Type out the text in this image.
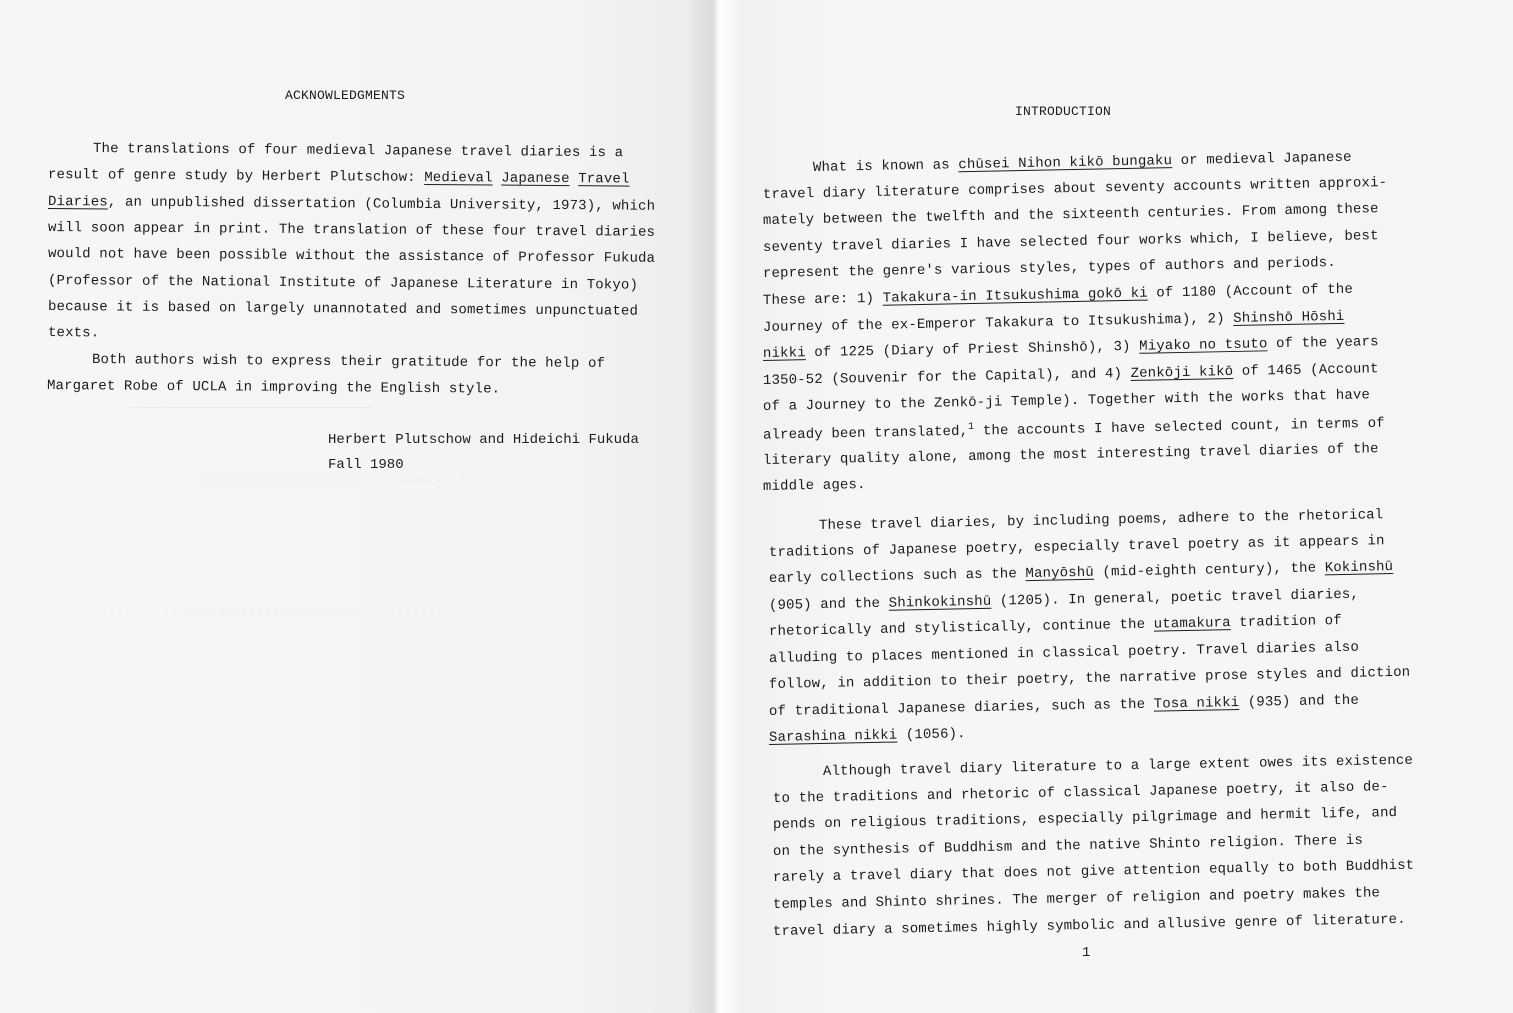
———————————————————————————————
...............................................
...............................................
ACKNOWLEDGMENTS
The translations of four medieval Japanese travel diaries is a
result of genre study by Herbert Plutschow: Medieval Japanese Travel
Diaries, an unpublished dissertation (Columbia University, 1973), which
will soon appear in print. The translation of these four travel diaries
would not have been possible without the assistance of Professor Fukuda
(Professor of the National Institute of Japanese Literature in Tokyo)
because it is based on largely unannotated and sometimes unpunctuated
texts.
Both authors wish to express their gratitude for the help of
Margaret Robe of UCLA in improving the English style.
Herbert Plutschow and Hideichi Fukuda
Fall 1980
INTRODUCTION
What is known as chūsei Nihon kikō bungaku or medieval Japanese
travel diary literature comprises about seventy accounts written approxi-
mately between the twelfth and the sixteenth centuries. From among these
seventy travel diaries I have selected four works which, I believe, best
represent the genre's various styles, types of authors and periods.
These are: 1) Takakura-in Itsukushima gokō ki of 1180 (Account of the
Journey of the ex-Emperor Takakura to Itsukushima), 2) Shinshō Hōshi
nikki of 1225 (Diary of Priest Shinshō), 3) Miyako no tsuto of the years
1350-52 (Souvenir for the Capital), and 4) Zenkōji kikō of 1465 (Account
of a Journey to the Zenkō-ji Temple). Together with the works that have
already been translated,$^1$ the accounts I have selected count, in terms of
literary quality alone, among the most interesting travel diaries of the
middle ages.
These travel diaries, by including poems, adhere to the rhetorical
traditions of Japanese poetry, especially travel poetry as it appears in
early collections such as the Manyōshū (mid-eighth century), the Kokinshū
(905) and the Shinkokinshū (1205). In general, poetic travel diaries,
rhetorically and stylistically, continue the utamakura tradition of
alluding to places mentioned in classical poetry. Travel diaries also
follow, in addition to their poetry, the narrative prose styles and diction
of traditional Japanese diaries, such as the Tosa nikki (935) and the
Sarashina nikki (1056).
Although travel diary literature to a large extent owes its existence
to the traditions and rhetoric of classical Japanese poetry, it also de-
pends on religious traditions, especially pilgrimage and hermit life, and
on the synthesis of Buddhism and the native Shinto religion. There is
rarely a travel diary that does not give attention equally to both Buddhist
temples and Shinto shrines. The merger of religion and poetry makes the
travel diary a sometimes highly symbolic and allusive genre of literature.
1
